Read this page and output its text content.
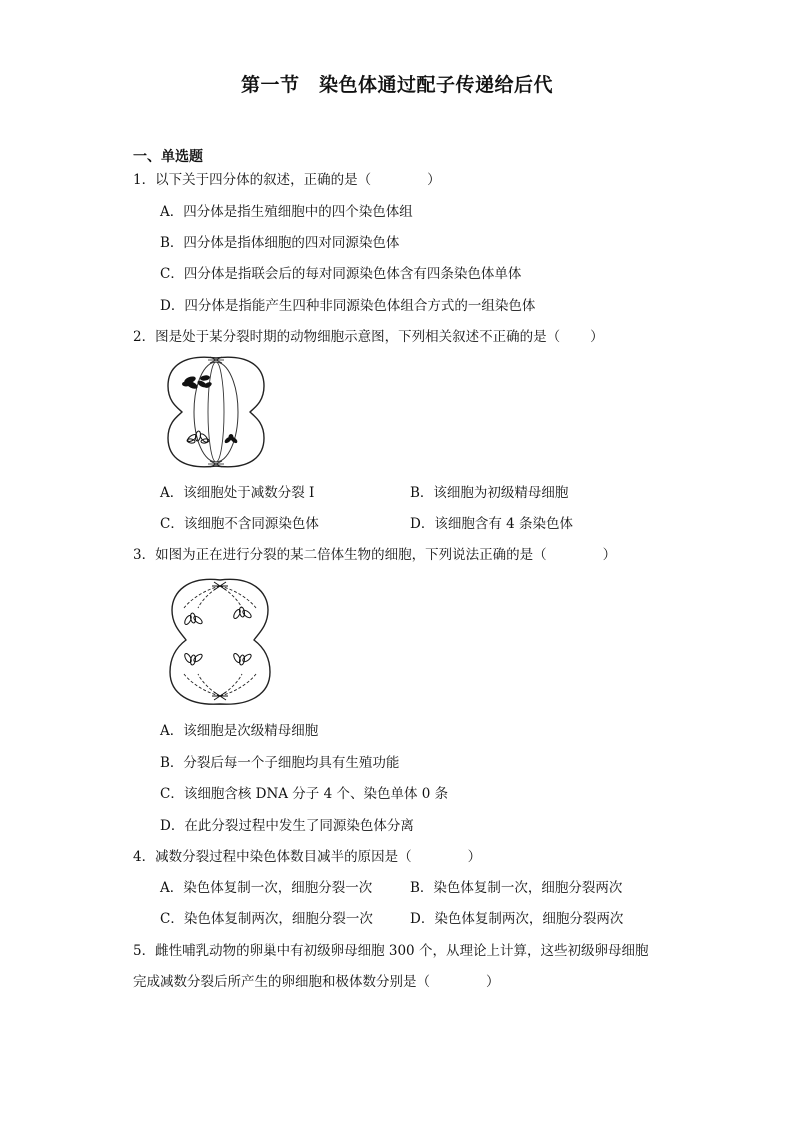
第一节　染色体通过配子传递给后代
一、单选题
1．以下关于四分体的叙述，正确的是（	）
A．四分体是指生殖细胞中的四个染色体组
B．四分体是指体细胞的四对同源染色体
C．四分体是指联会后的每对同源染色体含有四条染色体单体
D．四分体是指能产生四种非同源染色体组合方式的一组染色体
2．图是处于某分裂时期的动物细胞示意图，下列相关叙述不正确的是（ ）
A．该细胞处于减数分裂 I	B．该细胞为初级精母细胞
C．该细胞不含同源染色体	D．该细胞含有 4 条染色体
3．如图为正在进行分裂的某二倍体生物的细胞，下列说法正确的是（	）
A．该细胞是次级精母细胞
B．分裂后每一个子细胞均具有生殖功能
C．该细胞含核 DNA 分子 4 个、染色单体 0 条
D．在此分裂过程中发生了同源染色体分离
4．减数分裂过程中染色体数目减半的原因是（	）
A．染色体复制一次，细胞分裂一次	B．染色体复制一次，细胞分裂两次
C．染色体复制两次，细胞分裂一次	D．染色体复制两次，细胞分裂两次
5．雌性哺乳动物的卵巢中有初级卵母细胞 300 个，从理论上计算，这些初级卵母细胞
完成减数分裂后所产生的卵细胞和极体数分别是（	）
